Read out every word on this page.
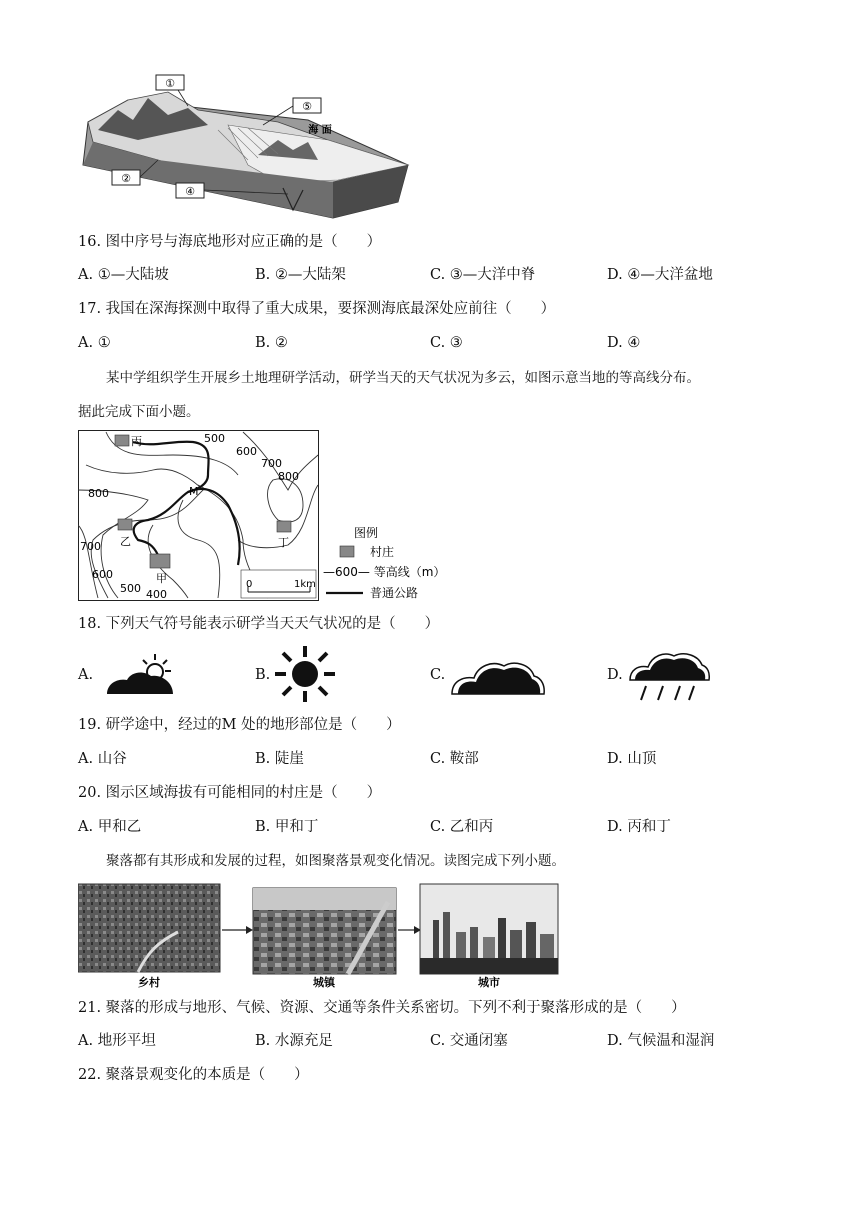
①
⑤
海 面
②
④
16. 图中序号与海底地形对应正确的是（　　）
A. ①—大陆坡	B. ②—大陆架	C. ③—大洋中脊	D. ④—大洋盆地
17. 我国在深海探测中取得了重大成果，要探测海底最深处应前往（　　）
A. ①	B. ②	C. ③	D. ④
某中学组织学生开展乡土地理研学活动，研学当天的天气状况为多云，如图示意当地的等高线分布。
据此完成下面小题。
丙
乙
甲
丁
500
600
700
800
800
700
600
500 400
M
0	1km
图例
村庄
—600— 等高线（m）
普通公路
18. 下列天气符号能表示研学当天天气状况的是（　　）
A.	B.	C.	D.
19. 研学途中，经过的M 处的地形部位是（　　）
A. 山谷	B. 陡崖	C. 鞍部	D. 山顶
20. 图示区域海拔有可能相同的村庄是（　　）
A. 甲和乙	B. 甲和丁	C. 乙和丙	D. 丙和丁
聚落都有其形成和发展的过程，如图聚落景观变化情况。读图完成下列小题。
乡村	城镇	城市
21. 聚落的形成与地形、气候、资源、交通等条件关系密切。下列不利于聚落形成的是（　　）
A. 地形平坦	B. 水源充足	C. 交通闭塞	D. 气候温和湿润
22. 聚落景观变化的本质是（　　）
